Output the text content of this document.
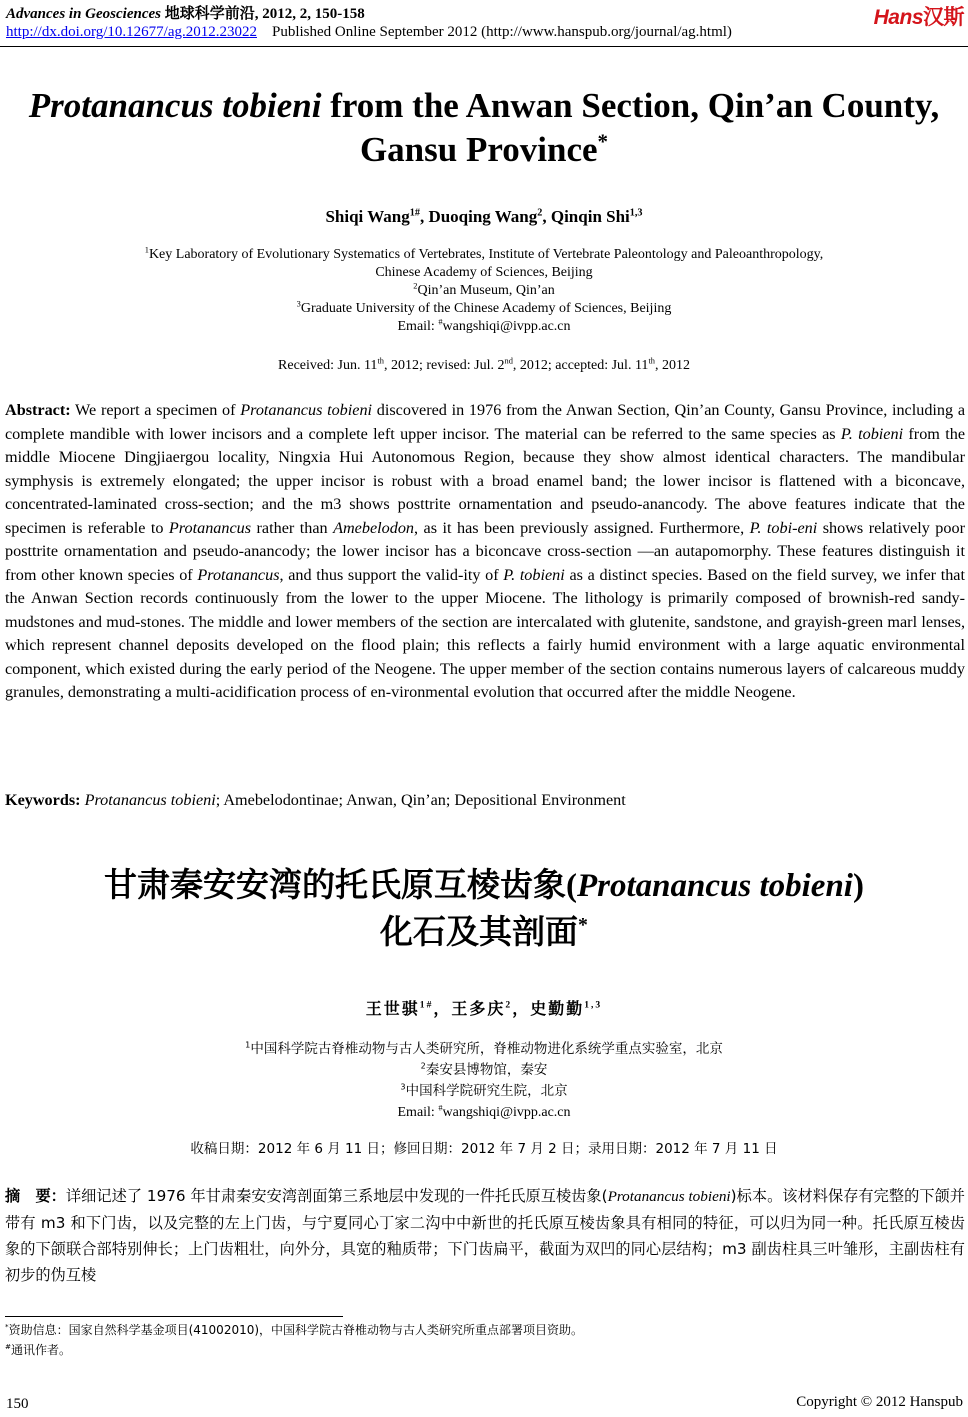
Advances in Geosciences 地球科学前沿, 2012, 2, 150-158
http://dx.doi.org/10.12677/ag.2012.23022 Published Online September 2012 (http://www.hanspub.org/journal/ag.html)
Hans汉斯
Protanancus tobieni from the Anwan Section, Qin’an County,
Gansu Province*
Shiqi Wang$^{1\#}$, Duoqing Wang$^2$, Qinqin Shi$^{1,3}$
$^1$Key Laboratory of Evolutionary Systematics of Vertebrates, Institute of Vertebrate Paleontology and Paleoanthropology,
Chinese Academy of Sciences, Beijing
$^2$Qin’an Museum, Qin’an
$^3$Graduate University of the Chinese Academy of Sciences, Beijing
Email: #wangshiqi@ivpp.ac.cn
Received: Jun. 11th, 2012; revised: Jul. 2nd, 2012; accepted: Jul. 11th, 2012
Abstract: We report a specimen of Protanancus tobieni discovered in 1976 from the Anwan Section, Qin’an County, Gansu Province, including a complete mandible with lower incisors and a complete left upper incisor. The material can be referred to the same species as P. tobieni from the middle Miocene Dingjiaergou locality, Ningxia Hui Autonomous Region, because they show almost identical characters. The mandibular symphysis is extremely elongated; the upper incisor is robust with a broad enamel band; the lower incisor is flattened with a biconcave, concentrated-laminated cross-section; and the m3 shows posttrite ornamentation and pseudo-anancody. The above features indicate that the specimen is referable to Protanancus rather than Amebelodon, as it has been previously assigned. Furthermore, P. tobi-eni shows relatively poor posttrite ornamentation and pseudo-anancody; the lower incisor has a biconcave cross-section —an autapomorphy. These features distinguish it from other known species of Protanancus, and thus support the valid-ity of P. tobieni as a distinct species. Based on the field survey, we infer that the Anwan Section records continuously from the lower to the upper Miocene. The lithology is primarily composed of brownish-red sandy-mudstones and mud-stones. The middle and lower members of the section are intercalated with glutenite, sandstone, and grayish-green marl lenses, which represent channel deposits developed on the flood plain; this reflects a fairly humid environment with a large aquatic environmental component, which existed during the early period of the Neogene. The upper member of the section contains numerous layers of calcareous muddy granules, demonstrating a multi-acidification process of en-vironmental evolution that occurred after the middle Neogene.
Keywords: Protanancus tobieni; Amebelodontinae; Anwan, Qin’an; Depositional Environment
甘肃秦安安湾的托氏原互棱齿象(Protanancus tobieni)
化石及其剖面*
王世骐$^{1\#}$，王多庆$^2$，史勤勤$^{1,3}$
$^1$中国科学院古脊椎动物与古人类研究所，脊椎动物进化系统学重点实验室，北京
$^2$秦安县博物馆，秦安
$^3$中国科学院研究生院，北京
Email: #wangshiqi@ivpp.ac.cn
收稿日期：2012 年 6 月 11 日；修回日期：2012 年 7 月 2 日；录用日期：2012 年 7 月 11 日
摘　要：详细记述了 1976 年甘肃秦安安湾剖面第三系地层中发现的一件托氏原互棱齿象(Protanancus tobieni)标本。该材料保存有完整的下颌并带有 m3 和下门齿，以及完整的左上门齿，与宁夏同心丁家二沟中中新世的托氏原互棱齿象具有相同的特征，可以归为同一种。托氏原互棱齿象的下颌联合部特别伸长；上门齿粗壮，向外分，具宽的釉质带；下门齿扁平，截面为双凹的同心层结构；m3 副齿柱具三叶雏形，主副齿柱有初步的伪互棱
*资助信息：国家自然科学基金项目(41002010)，中国科学院古脊椎动物与古人类研究所重点部署项目资助。
#通讯作者。
150	Copyright © 2012 Hanspub
